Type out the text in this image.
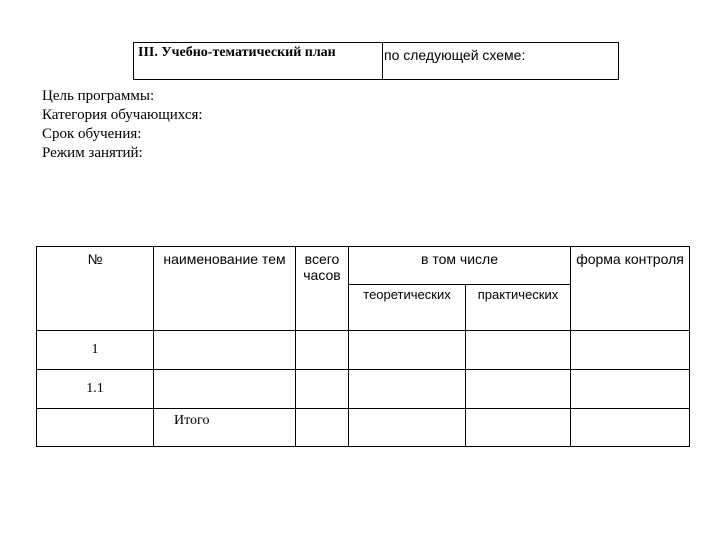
III. Учебно-тематический план	по следующей схеме:
Цель программы:
Категория обучающихся:
Срок обучения:
Режим занятий:
№	наименование тем	всего часов	в том числе		форма контроля

			теоретических	практических	

1					
1.1					

	Итого				
